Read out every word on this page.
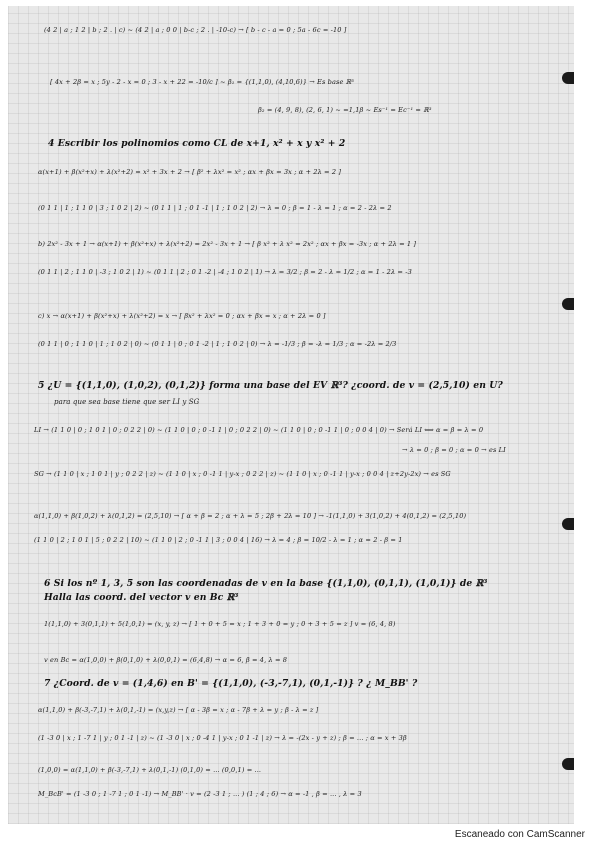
(4 2 | a ; 1 2 | b ; 2 . | c) ~ (4 2 | a ; 0 0 | b-c ; 2 . | -10-c) → [ b - c - a = 0 ; 5a - 6c = -10 ]
[ 4x + 2β = x ; 5y - 2 - x = 0 ; 3 - x + 22 = -10/c ] ~ β₁ = {(1,1,0), (4,10,6)} → Es base ℝ³
β₂ = (4, 9, 8), (2, 6, 1) ~ =1,1β ~ Es⁻¹ = Ec⁻¹ = ℝ³
4 Escribir los polinomios como CL de x+1, x² + x y x² + 2
α(x+1) + β(x²+x) + λ(x²+2) = x² + 3x + 2 → [ β² + λx² = x² ; αx + βx = 3x ; α + 2λ = 2 ]
(0 1 1 | 1 ; 1 1 0 | 3 ; 1 0 2 | 2) ~ (0 1 1 | 1 ; 0 1 -1 | 1 ; 1 0 2 | 2) → λ = 0 ; β = 1 - λ = 1 ; α = 2 - 2λ = 2
b) 2x² - 3x + 1 → α(x+1) + β(x²+x) + λ(x²+2) = 2x² - 3x + 1 → [ β x² + λ x² = 2x² ; αx + βx = -3x ; α + 2λ = 1 ]
(0 1 1 | 2 ; 1 1 0 | -3 ; 1 0 2 | 1) ~ (0 1 1 | 2 ; 0 1 -2 | -4 ; 1 0 2 | 1) → λ = 3/2 ; β = 2 - λ = 1/2 ; α = 1 - 2λ = -3
c) x → α(x+1) + β(x²+x) + λ(x²+2) = x → [ βx² + λx² = 0 ; αx + βx = x ; α + 2λ = 0 ]
(0 1 1 | 0 ; 1 1 0 | 1 ; 1 0 2 | 0) ~ (0 1 1 | 0 ; 0 1 -2 | 1 ; 1 0 2 | 0) → λ = -1/3 ; β = -λ = 1/3 ; α = -2λ = 2/3
5 ¿U = {(1,1,0), (1,0,2), (0,1,2)} forma una base del EV ℝ³? ¿coord. de v = (2,5,10) en U?
para que sea base tiene que ser LI y SG
LI → (1 1 0 | 0 ; 1 0 1 | 0 ; 0 2 2 | 0) ~ (1 1 0 | 0 ; 0 -1 1 | 0 ; 0 2 2 | 0) ~ (1 1 0 | 0 ; 0 -1 1 | 0 ; 0 0 4 | 0) → Será LI ⟺ α = β = λ = 0
→ λ = 0 ; β = 0 ; α = 0 → es LI
SG → (1 1 0 | x ; 1 0 1 | y ; 0 2 2 | z) ~ (1 1 0 | x ; 0 -1 1 | y-x ; 0 2 2 | z) ~ (1 1 0 | x ; 0 -1 1 | y-x ; 0 0 4 | z+2y-2x) → es SG
α(1,1,0) + β(1,0,2) + λ(0,1,2) = (2,5,10) → [ α + β = 2 ; α + λ = 5 ; 2β + 2λ = 10 ] → -1(1,1,0) + 3(1,0,2) + 4(0,1,2) = (2,5,10)
(1 1 0 | 2 ; 1 0 1 | 5 ; 0 2 2 | 10) ~ (1 1 0 | 2 ; 0 -1 1 | 3 ; 0 0 4 | 16) → λ = 4 ; β = 10/2 - λ = 1 ; α = 2 - β = 1
6 Si los nº 1, 3, 5 son las coordenadas de v en la base {(1,1,0), (0,1,1), (1,0,1)} de ℝ³
Halla las coord. del vector v en Bc ℝ³
1(1,1,0) + 3(0,1,1) + 5(1,0,1) = (x, y, z) → [ 1 + 0 + 5 = x ; 1 + 3 + 0 = y ; 0 + 3 + 5 = z ] v = (6, 4, 8)
v en Bc = α(1,0,0) + β(0,1,0) + λ(0,0,1) = (6,4,8) → α = 6, β = 4, λ = 8
7 ¿Coord. de v = (1,4,6) en B' = {(1,1,0), (-3,-7,1), (0,1,-1)} ? ¿ M_BB' ?
α(1,1,0) + β(-3,-7,1) + λ(0,1,-1) = (x,y,z) → [ α - 3β = x ; α - 7β + λ = y ; β - λ = z ]
(1 -3 0 | x ; 1 -7 1 | y ; 0 1 -1 | z) ~ (1 -3 0 | x ; 0 -4 1 | y-x ; 0 1 -1 | z) → λ = -(2x - y + z) ; β = ... ; α = x + 3β
(1,0,0) = α(1,1,0) + β(-3,-7,1) + λ(0,1,-1) (0,1,0) = ... (0,0,1) = ...
M_BcB' = (1 -3 0 ; 1 -7 1 ; 0 1 -1) → M_BB' · v = (2 -3 1 ; ... ) (1 ; 4 ; 6) → α = -1 , β = ... , λ = 3
Escaneado con CamScanner
